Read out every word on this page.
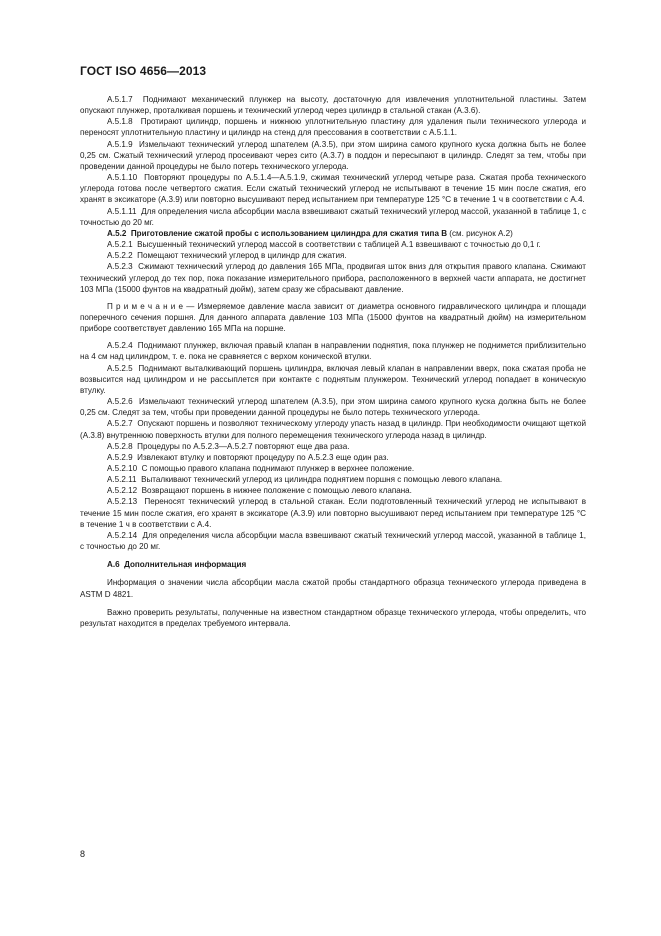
ГОСТ ISO 4656—2013

А.5.1.7 Поднимают механический плунжер на высоту, достаточную для извлечения уплотнительной пластины. Затем опускают плунжер, проталкивая поршень и технический углерод через цилиндр в стальной стакан (А.3.6).

А.5.1.8 Протирают цилиндр, поршень и нижнюю уплотнительную пластину для удаления пыли технического углерода и переносят уплотнительную пластину и цилиндр на стенд для прессования в соответствии с А.5.1.1.

А.5.1.9 Измельчают технический углерод шпателем (А.3.5), при этом ширина самого крупного куска должна быть не более 0,25 см. Сжатый технический углерод просеивают через сито (А.3.7) в поддон и пересыпают в цилиндр. Следят за тем, чтобы при проведении данной процедуры не было потерь технического углерода.

А.5.1.10 Повторяют процедуры по А.5.1.4—А.5.1.9, сжимая технический углерод четыре раза. Сжатая проба технического углерода готова после четвертого сжатия. Если сжатый технический углерод не испытывают в течение 15 мин после сжатия, его хранят в эксикаторе (А.3.9) или повторно высушивают перед испытанием при температуре 125 °С в течение 1 ч в соответствии с А.4.

А.5.1.11 Для определения числа абсорбции масла взвешивают сжатый технический углерод массой, указанной в таблице 1, с точностью до 20 мг.

А.5.2 Приготовление сжатой пробы с использованием цилиндра для сжатия типа В (см. рисунок А.2)

А.5.2.1 Высушенный технический углерод массой в соответствии с таблицей А.1 взвешивают с точностью до 0,1 г.

А.5.2.2 Помещают технический углерод в цилиндр для сжатия.

А.5.2.3 Сжимают технический углерод до давления 165 МПа, продвигая шток вниз для открытия правого клапана. Сжимают технический углерод до тех пор, пока показание измерительного прибора, расположенного в верхней части аппарата, не достигнет 103 МПа (15000 фунтов на квадратный дюйм), затем сразу же сбрасывают давление.

П р и м е ч а н и е — Измеряемое давление масла зависит от диаметра основного гидравлического цилиндра и площади поперечного сечения поршня. Для данного аппарата давление 103 МПа (15000 фунтов на квадратный дюйм) на измерительном приборе соответствует давлению 165 МПа на поршне.

А.5.2.4 Поднимают плунжер, включая правый клапан в направлении поднятия, пока плунжер не поднимется приблизительно на 4 см над цилиндром, т. е. пока не сравняется с верхом конической втулки.

А.5.2.5 Поднимают выталкивающий поршень цилиндра, включая левый клапан в направлении вверх, пока сжатая проба не возвысится над цилиндром и не рассыплется при контакте с поднятым плунжером. Технический углерод попадает в коническую втулку.

А.5.2.6 Измельчают технический углерод шпателем (А.3.5), при этом ширина самого крупного куска должна быть не более 0,25 см. Следят за тем, чтобы при проведении данной процедуры не было потерь технического углерода.

А.5.2.7 Опускают поршень и позволяют техническому углероду упасть назад в цилиндр. При необходимости очищают щеткой (А.3.8) внутреннюю поверхность втулки для полного перемещения технического углерода назад в цилиндр.

А.5.2.8 Процедуры по А.5.2.3—А.5.2.7 повторяют еще два раза.

А.5.2.9 Извлекают втулку и повторяют процедуру по А.5.2.3 еще один раз.

А.5.2.10 С помощью правого клапана поднимают плунжер в верхнее положение.

А.5.2.11 Выталкивают технический углерод из цилиндра поднятием поршня с помощью левого клапана.

А.5.2.12 Возвращают поршень в нижнее положение с помощью левого клапана.

А.5.2.13 Переносят технический углерод в стальной стакан. Если подготовленный технический углерод не испытывают в течение 15 мин после сжатия, его хранят в эксикаторе (А.3.9) или повторно высушивают перед испытанием при температуре 125 °С в течение 1 ч в соответствии с А.4.

А.5.2.14 Для определения числа абсорбции масла взвешивают сжатый технический углерод массой, указанной в таблице 1, с точностью до 20 мг.

А.6 Дополнительная информация

Информация о значении числа абсорбции масла сжатой пробы стандартного образца технического углерода приведена в ASTM D 4821.

Важно проверить результаты, полученные на известном стандартном образце технического углерода, чтобы определить, что результат находится в пределах требуемого интервала.

8
